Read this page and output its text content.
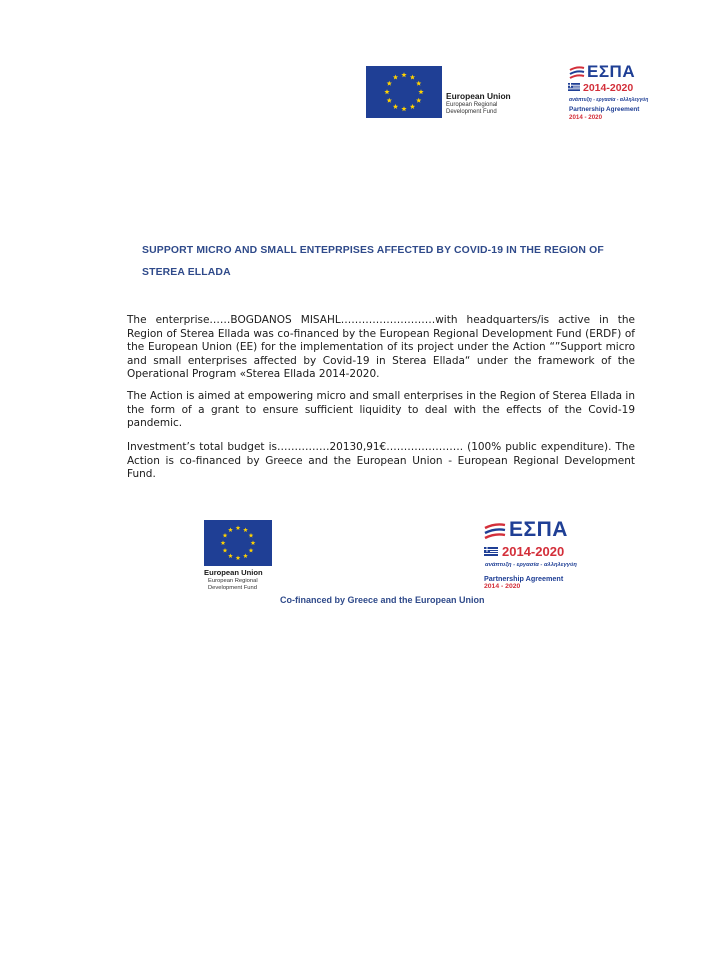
European Union
European Regional
Development Fund
ΕΣΠΑ
2014-2020
ανάπτυξη - εργασία - αλληλεγγύη
Partnership Agreement
2014 - 2020
SUPPORT MICRO AND SMALL ENTEPRPISES AFFECTED BY COVID-19 IN THE REGION OF STEREA ELLADA

The enterprise……BOGDANOS MISAHL………………………with headquarters/is active in the Region of Sterea Ellada was co-financed by the European Regional Development Fund (ERDF) of the European Union (EE) for the implementation of its project under the Action “”Support micro and small enterprises affected by Covid-19 in Sterea Ellada“ under the framework of the Operational Program «Sterea Ellada 2014-2020.

The Action is aimed at empowering micro and small enterprises in the Region of Sterea Ellada in the form of a grant to ensure sufficient liquidity to deal with the effects of the Covid-19 pandemic.

Investment’s total budget is……………20130,91€…………………. (100% public expenditure). The Action is co-financed by Greece and the European Union - European Regional Development Fund.

European Union
European Regional
Development Fund
ΕΣΠΑ
2014-2020
ανάπτυξη - εργασία - αλληλεγγύη
Partnership Agreement
2014 - 2020
Co-financed by Greece and the European Union
